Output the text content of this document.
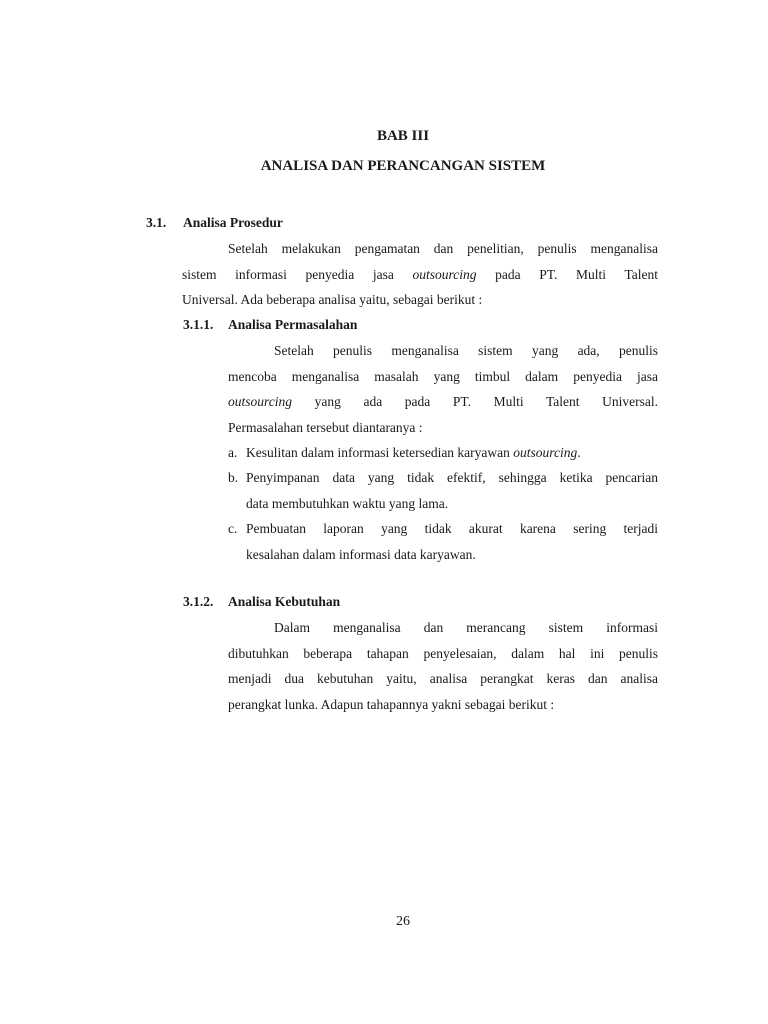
BAB III
ANALISA DAN PERANCANGAN SISTEM
3.1. Analisa Prosedur
Setelah melakukan pengamatan dan penelitian, penulis menganalisa
sistem informasi penyedia jasa outsourcing pada PT. Multi Talent
Universal. Ada beberapa analisa yaitu, sebagai berikut :
3.1.1. Analisa Permasalahan
Setelah penulis menganalisa sistem yang ada, penulis
mencoba menganalisa masalah yang timbul dalam penyedia jasa
outsourcing yang ada pada PT. Multi Talent Universal.
Permasalahan tersebut diantaranya :
a. Kesulitan dalam informasi ketersedian karyawan outsourcing.
b. Penyimpanan data yang tidak efektif, sehingga ketika pencarian
data membutuhkan waktu yang lama.
c. Pembuatan laporan yang tidak akurat karena sering terjadi
kesalahan dalam informasi data karyawan.
3.1.2. Analisa Kebutuhan
Dalam menganalisa dan merancang sistem informasi
dibutuhkan beberapa tahapan penyelesaian, dalam hal ini penulis
menjadi dua kebutuhan yaitu, analisa perangkat keras dan analisa
perangkat lunka. Adapun tahapannya yakni sebagai berikut :
26
